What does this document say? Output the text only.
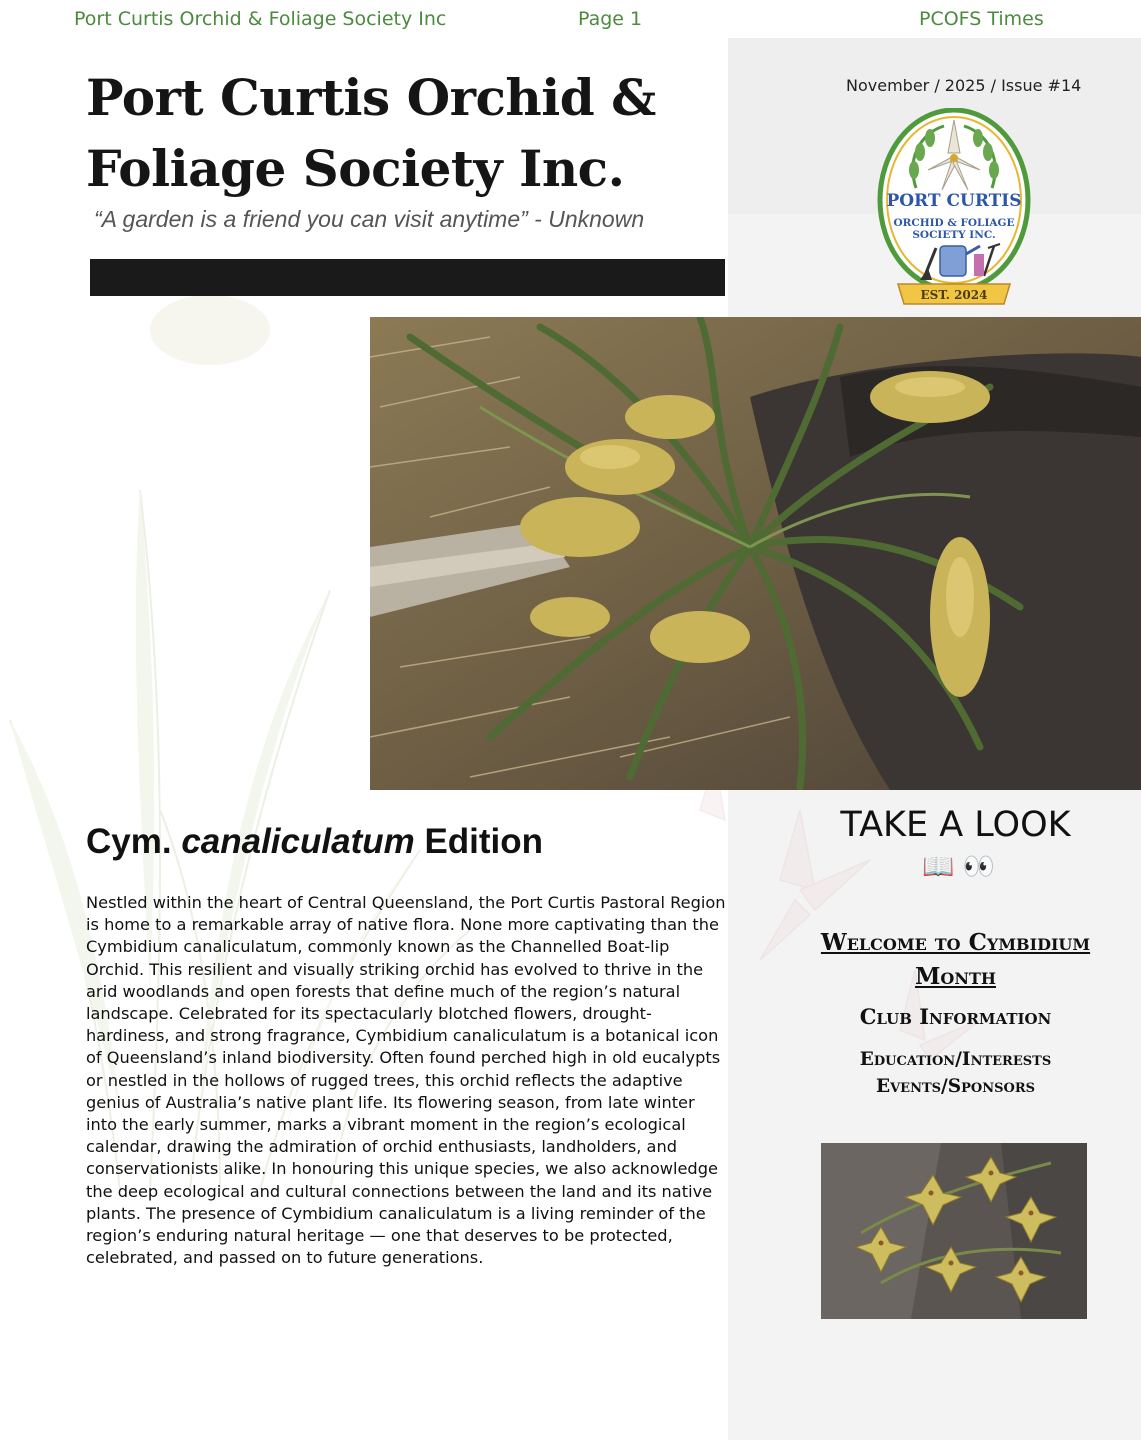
Port Curtis Orchid & Foliage Society Inc	Page 1	PCOFS Times
Port Curtis Orchid &
Foliage Society Inc.
“A garden is a friend you can visit anytime” - Unknown
November / 2025 / Issue #14
PORT CURTIS
ORCHID & FOLIAGE
SOCIETY INC.
EST. 2024
Cym. canaliculatum Edition
Nestled within the heart of Central Queensland, the Port Curtis Pastoral Region is home to a remarkable array of native flora. None more captivating than the Cymbidium canaliculatum, commonly known as the Channelled Boat-lip Orchid. This resilient and visually striking orchid has evolved to thrive in the arid woodlands and open forests that define much of the region’s natural landscape. Celebrated for its spectacularly blotched flowers, drought-hardiness, and strong fragrance, Cymbidium canaliculatum is a botanical icon of Queensland’s inland biodiversity. Often found perched high in old eucalypts or nestled in the hollows of rugged trees, this orchid reflects the adaptive genius of Australia’s native plant life. Its flowering season, from late winter into the early summer, marks a vibrant moment in the region’s ecological calendar, drawing the admiration of orchid enthusiasts, landholders, and conservationists alike. In honouring this unique species, we also acknowledge the deep ecological and cultural connections between the land and its native plants. The presence of Cymbidium canaliculatum is a living reminder of the region’s enduring natural heritage — one that deserves to be protected, celebrated, and passed on to future generations.
TAKE A LOOK
📖 👀
Welcome to Cymbidium
Month
Club Information
Education/Interests
Events/Sponsors
